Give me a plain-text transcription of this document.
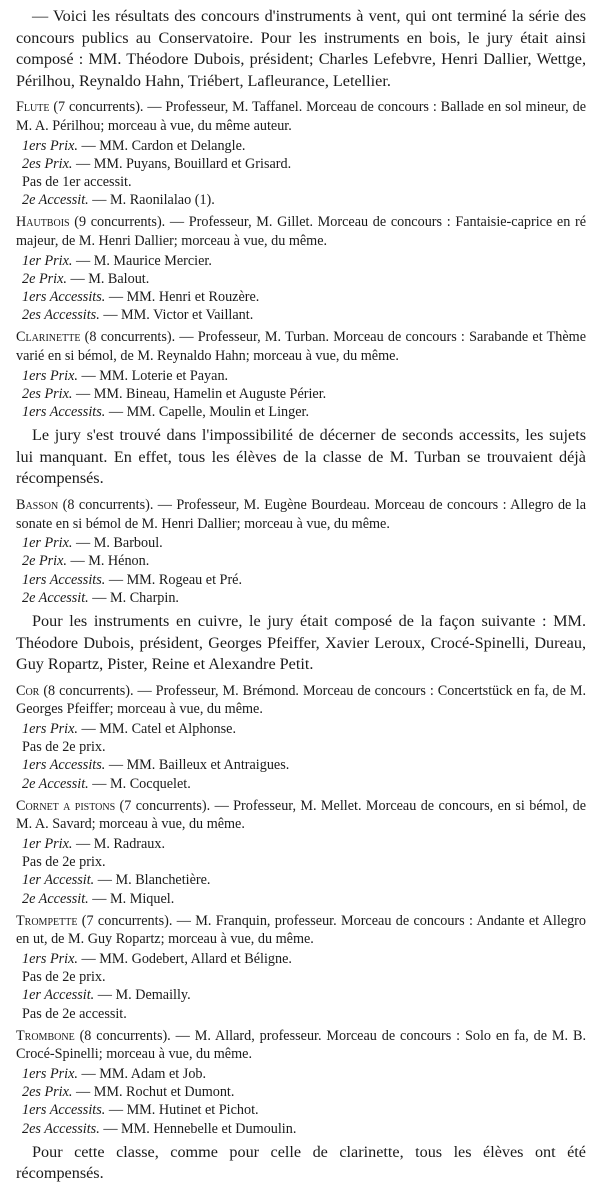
— Voici les résultats des concours d'instruments à vent, qui ont terminé la série des concours publics au Conservatoire. Pour les instruments en bois, le jury était ainsi composé : MM. Théodore Dubois, président; Charles Lefebvre, Henri Dallier, Wettge, Périlhou, Reynaldo Hahn, Triébert, Lafleurance, Letellier.

Flute (7 concurrents). — Professeur, M. Taffanel. Morceau de concours : Ballade en sol mineur, de M. A. Périlhou; morceau à vue, du même auteur.

1ers Prix. — MM. Cardon et Delangle.

2es Prix. — MM. Puyans, Bouillard et Grisard.

Pas de 1er accessit.

2e Accessit. — M. Raonilalao (1).

Hautbois (9 concurrents). — Professeur, M. Gillet. Morceau de concours : Fantaisie-caprice en ré majeur, de M. Henri Dallier; morceau à vue, du même.

1er Prix. — M. Maurice Mercier.

2e Prix. — M. Balout.

1ers Accessits. — MM. Henri et Rouzère.

2es Accessits. — MM. Victor et Vaillant.

Clarinette (8 concurrents). — Professeur, M. Turban. Morceau de concours : Sarabande et Thème varié en si bémol, de M. Reynaldo Hahn; morceau à vue, du même.

1ers Prix. — MM. Loterie et Payan.

2es Prix. — MM. Bineau, Hamelin et Auguste Périer.

1ers Accessits. — MM. Capelle, Moulin et Linger.

Le jury s'est trouvé dans l'impossibilité de décerner de seconds accessits, les sujets lui manquant. En effet, tous les élèves de la classe de M. Turban se trouvaient déjà récompensés.

Basson (8 concurrents). — Professeur, M. Eugène Bourdeau. Morceau de concours : Allegro de la sonate en si bémol de M. Henri Dallier; morceau à vue, du même.

1er Prix. — M. Barboul.

2e Prix. — M. Hénon.

1ers Accessits. — MM. Rogeau et Pré.

2e Accessit. — M. Charpin.

Pour les instruments en cuivre, le jury était composé de la façon suivante : MM. Théodore Dubois, président, Georges Pfeiffer, Xavier Leroux, Crocé-Spinelli, Dureau, Guy Ropartz, Pister, Reine et Alexandre Petit.

Cor (8 concurrents). — Professeur, M. Brémond. Morceau de concours : Concertstück en fa, de M. Georges Pfeiffer; morceau à vue, du même.

1ers Prix. — MM. Catel et Alphonse.

Pas de 2e prix.

1ers Accessits. — MM. Bailleux et Antraigues.

2e Accessit. — M. Cocquelet.

Cornet a pistons (7 concurrents). — Professeur, M. Mellet. Morceau de concours, en si bémol, de M. A. Savard; morceau à vue, du même.

1er Prix. — M. Radraux.

Pas de 2e prix.

1er Accessit. — M. Blanchetière.

2e Accessit. — M. Miquel.

Trompette (7 concurrents). — M. Franquin, professeur. Morceau de concours : Andante et Allegro en ut, de M. Guy Ropartz; morceau à vue, du même.

1ers Prix. — MM. Godebert, Allard et Béligne.

Pas de 2e prix.

1er Accessit. — M. Demailly.

Pas de 2e accessit.

Trombone (8 concurrents). — M. Allard, professeur. Morceau de concours : Solo en fa, de M. B. Crocé-Spinelli; morceau à vue, du même.

1ers Prix. — MM. Adam et Job.

2es Prix. — MM. Rochut et Dumont.

1ers Accessits. — MM. Hutinet et Pichot.

2es Accessits. — MM. Hennebelle et Dumoulin.

Pour cette classe, comme pour celle de clarinette, tous les élèves ont été récompensés.
